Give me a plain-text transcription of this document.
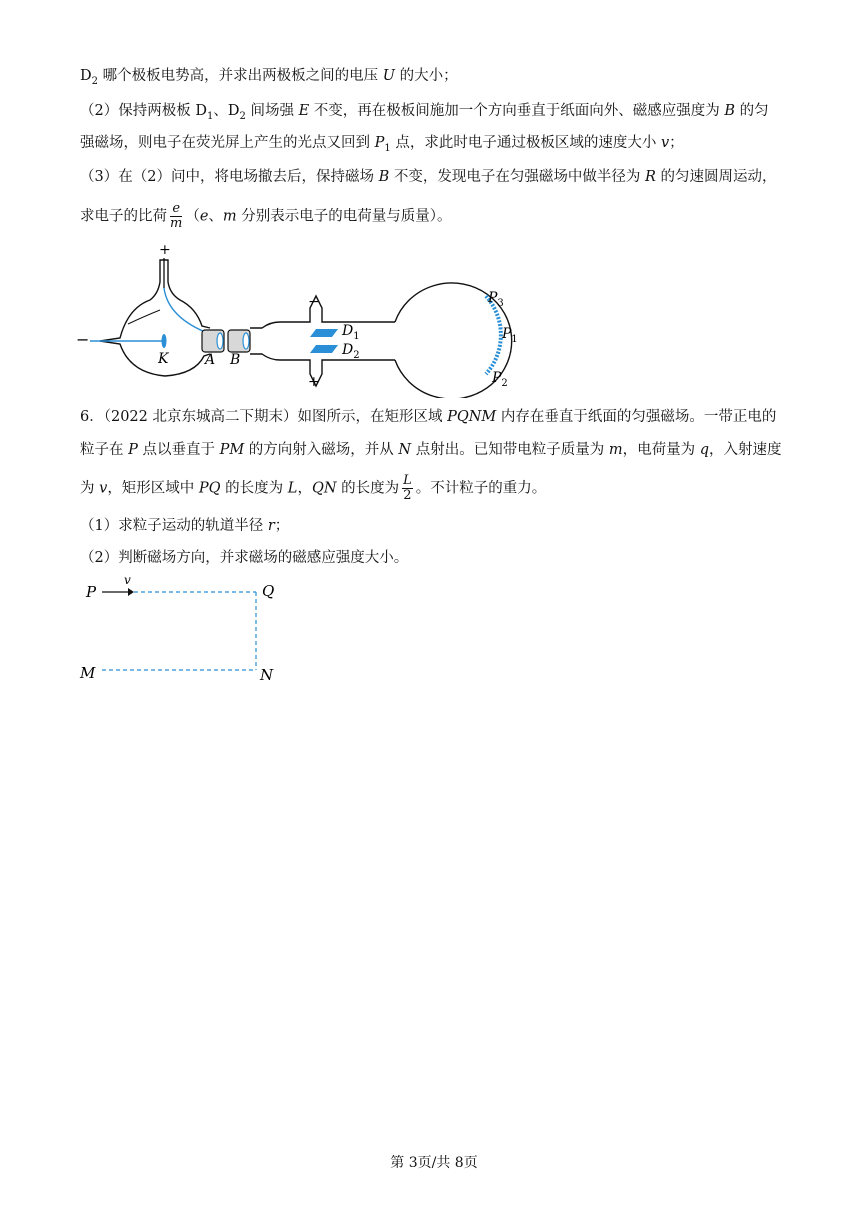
$D_2$ 哪个极板电势高，并求出两极板之间的电压 U 的大小；
（2）保持两极板 $D_1$、$D_2$ 间场强 E 不变，再在极板间施加一个方向垂直于纸面向外、磁感应强度为 B 的匀
强磁场，则电子在荧光屏上产生的光点又回到 $P_1$ 点，求此时电子通过极板区域的速度大小 v；
（3）在（2）问中，将电场撤去后，保持磁场 B 不变，发现电子在匀强磁场中做半径为 R 的匀速圆周运动，
求电子的比荷 $\frac{e}{m} (e$、m 分别表示电子的电荷量与质量）。
+
−
K	A B
−
+
$D_1$
$D_2$
$P_3$
$P_1$
$P_2$
6．（2022 北京东城高二下期末）如图所示，在矩形区域 PQNM 内存在垂直于纸面的匀强磁场。一带正电的
粒子在 P 点以垂直于 PM 的方向射入磁场，并从 N 点射出。已知带电粒子质量为 m，电荷量为 q，入射速度
为 v，矩形区域中 PQ 的长度为 L，QN 的长度为 $\frac{L}{2}$ 。不计粒子的重力。
（1）求粒子运动的轨道半径 r；
（2）判断磁场方向，并求磁场的磁感应强度大小。
P
v
Q
M	N
第 3页/共 8页
